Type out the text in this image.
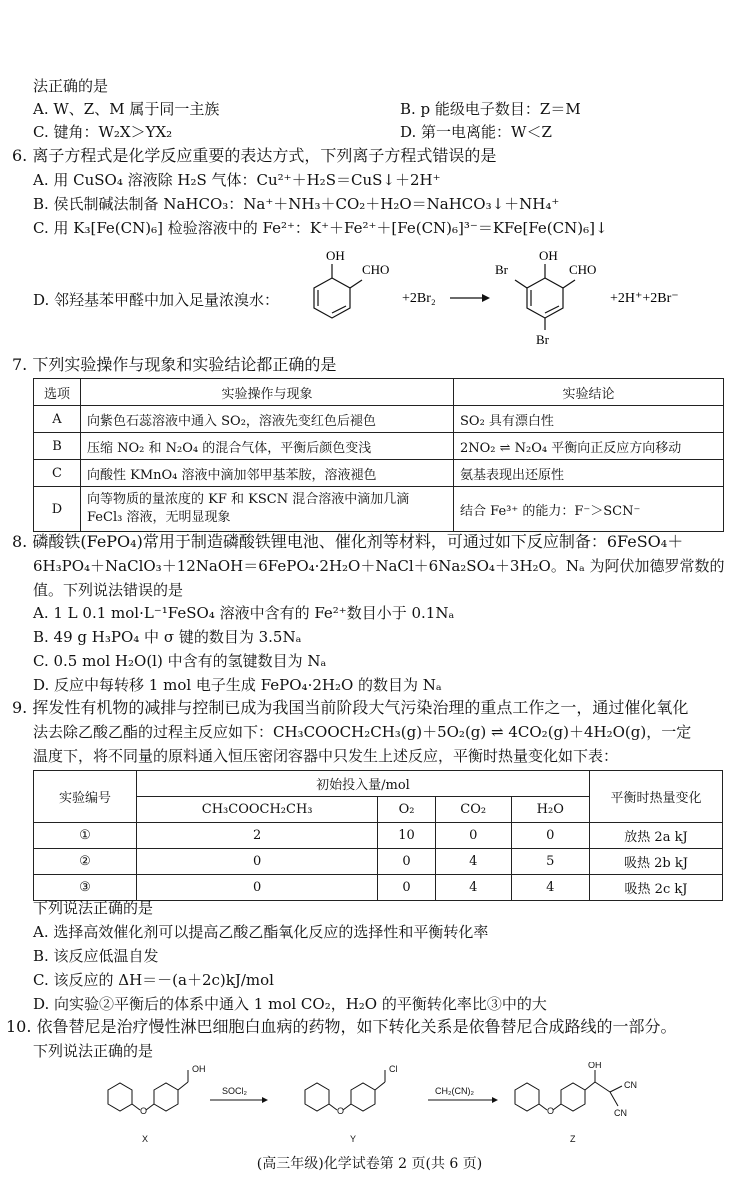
法正确的是
A. W、Z、M 属于同一主族	B. p 能级电子数目：Z＝M
C. 键角：W₂X＞YX₂	D. 第一电离能：W＜Z
6. 离子方程式是化学反应重要的表达方式，下列离子方程式错误的是
A. 用 CuSO₄ 溶液除 H₂S 气体：Cu²⁺＋H₂S＝CuS↓＋2H⁺
B. 侯氏制碱法制备 NaHCO₃：Na⁺＋NH₃＋CO₂＋H₂O＝NaHCO₃↓＋NH₄⁺
C. 用 K₃[Fe(CN)₆] 检验溶液中的 Fe²⁺：K⁺＋Fe²⁺＋[Fe(CN)₆]³⁻＝KFe[Fe(CN)₆]↓
D. 邻羟基苯甲醛中加入足量浓溴水：
OH
CHO
+2Br₂
OH
CHO
Br
Br
+2H⁺+2Br⁻
7. 下列实验操作与现象和实验结论都正确的是
选项	实验操作与现象	实验结论
A	向紫色石蕊溶液中通入 SO₂，溶液先变红色后褪色	SO₂ 具有漂白性
B	压缩 NO₂ 和 N₂O₄ 的混合气体，平衡后颜色变浅	2NO₂ ⇌ N₂O₄ 平衡向正反应方向移动
C	向酸性 KMnO₄ 溶液中滴加邻甲基苯胺，溶液褪色	氨基表现出还原性
D	向等物质的量浓度的 KF 和 KSCN 混合溶液中滴加几滴 FeCl₃ 溶液，无明显现象	结合 Fe³⁺ 的能力：F⁻＞SCN⁻
8. 磷酸铁(FePO₄)常用于制造磷酸铁锂电池、催化剂等材料，可通过如下反应制备：6FeSO₄＋
6H₃PO₄＋NaClO₃＋12NaOH＝6FePO₄·2H₂O＋NaCl＋6Na₂SO₄＋3H₂O。Nₐ 为阿伏加德罗常数的
值。下列说法错误的是
A. 1 L 0.1 mol·L⁻¹FeSO₄ 溶液中含有的 Fe²⁺数目小于 0.1Nₐ
B. 49 g H₃PO₄ 中 σ 键的数目为 3.5Nₐ
C. 0.5 mol H₂O(l) 中含有的氢键数目为 Nₐ
D. 反应中每转移 1 mol 电子生成 FePO₄·2H₂O 的数目为 Nₐ
9. 挥发性有机物的减排与控制已成为我国当前阶段大气污染治理的重点工作之一，通过催化氧化
法去除乙酸乙酯的过程主反应如下：CH₃COOCH₂CH₃(g)＋5O₂(g) ⇌ 4CO₂(g)＋4H₂O(g)，一定
温度下，将不同量的原料通入恒压密闭容器中只发生上述反应，平衡时热量变化如下表：
实验编号	初始投入量/mol				平衡时热量变化
	CH₃COOCH₂CH₃	O₂	CO₂	H₂O	
①	2	10	0	0	放热 2a kJ
②	0	0	4	5	吸热 2b kJ
③	0	0	4	4	吸热 2c kJ
下列说法正确的是
A. 选择高效催化剂可以提高乙酸乙酯氧化反应的选择性和平衡转化率
B. 该反应低温自发
C. 该反应的 ΔH＝－(a＋2c)kJ/mol
D. 向实验②平衡后的体系中通入 1 mol CO₂，H₂O 的平衡转化率比③中的大
10. 依鲁替尼是治疗慢性淋巴细胞白血病的药物，如下转化关系是依鲁替尼合成路线的一部分。
下列说法正确的是
O
OH
O
Cl
O
OH
CN
CN
SOCl₂	CH₂(CN)₂
X	Y	Z
(高三年级)化学试卷第 2 页(共 6 页)
